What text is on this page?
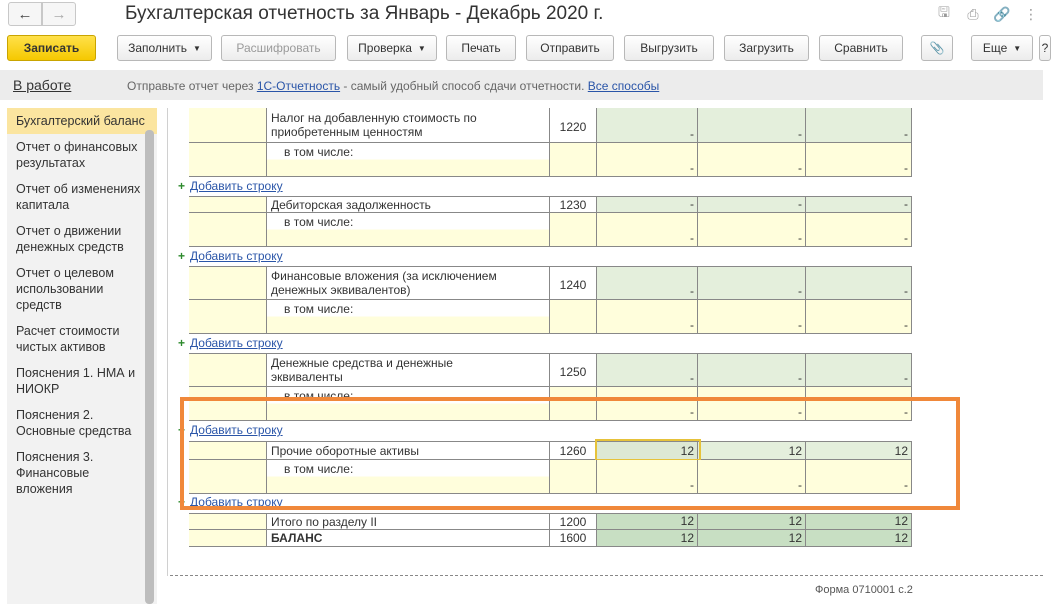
← →	Бухгалтерская отчетность за Январь - Декабрь 2020 г.	🖫 ⎙ 🔗 ⋮
Записать	Заполнить ▼	Расшифровать	Проверка ▼	Печать	Отправить	Выгрузить	Загрузить	Сравнить	📎	Еще ▼ ?
В работе	Отправьте отчет через 1С-Отчетность - самый удобный способ сдачи отчетности. Все способы
Бухгалтерский баланс
Отчет о финансовых результатах
Отчет об изменениях капитала
Отчет о движении денежных средств
Отчет о целевом использовании средств
Расчет стоимости чистых активов
Пояснения 1. НМА и НИОКР
Пояснения 2. Основные средства
Пояснения 3. Финансовые вложения
Налог на добавленную стоимость по приобретенным ценностям	1220	-	-	-
в том числе:
-	-	-
+ Добавить строку
Дебиторская задолженность	1230	-	-	-
в том числе:
-	-	-
+ Добавить строку
Финансовые вложения (за исключением денежных эквивалентов)	1240	-	-	-
в том числе:
-	-	-
+ Добавить строку
Денежные средства и денежные эквиваленты	1250	-	-	-
в том числе:
-	-	-
+ Добавить строку
Прочие оборотные активы	1260	12	12	12
в том числе:
-	-	-
+ Добавить строку
Итого по разделу II	1200	12	12	12
БАЛАНС	1600	12	12	12
Форма 0710001 с.2
